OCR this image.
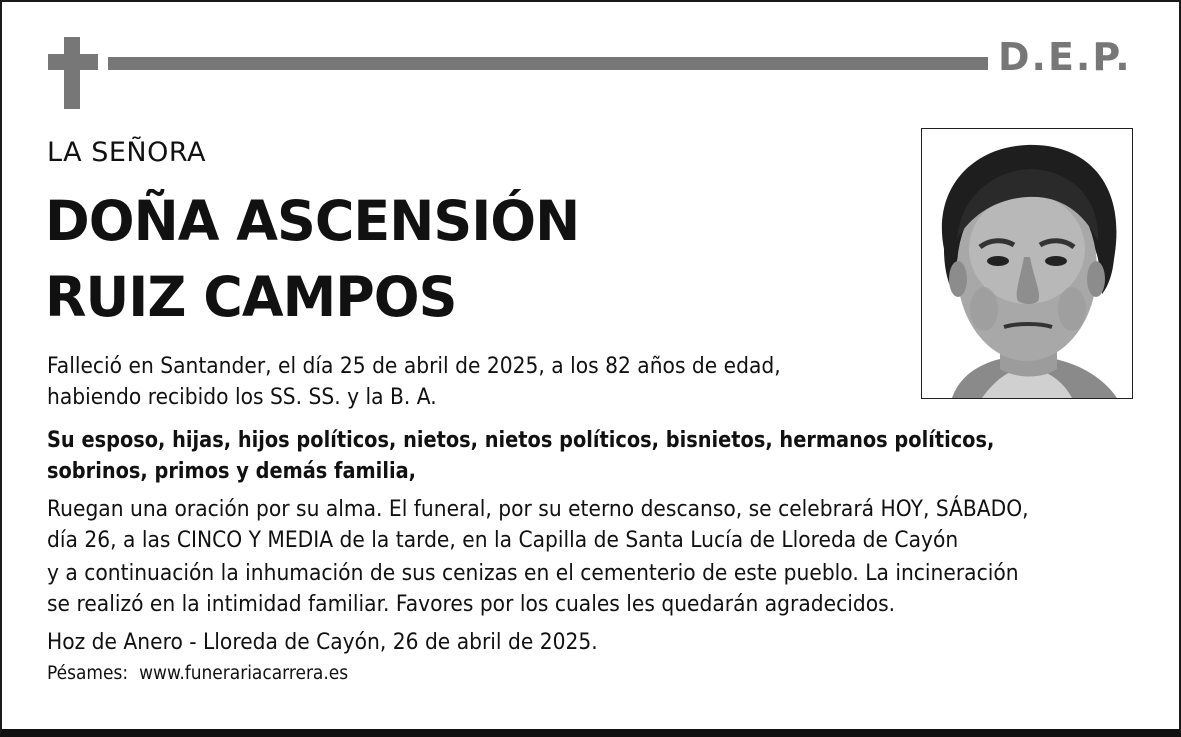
D.E.P.
LA SEÑORA
DOÑA ASCENSIÓN
RUIZ CAMPOS
Falleció en Santander, el día 25 de abril de 2025, a los 82 años de edad,
habiendo recibido los SS. SS. y la B. A.
Su esposo, hijas, hijos políticos, nietos, nietos políticos, bisnietos, hermanos políticos,
sobrinos, primos y demás familia,
Ruegan una oración por su alma. El funeral, por su eterno descanso, se celebrará HOY, SÁBADO,
día 26, a las CINCO Y MEDIA de la tarde, en la Capilla de Santa Lucía de Lloreda de Cayón
y a continuación la inhumación de sus cenizas en el cementerio de este pueblo. La incineración
se realizó en la intimidad familiar. Favores por los cuales les quedarán agradecidos.
Hoz de Anero - Lloreda de Cayón, 26 de abril de 2025.
Pésames: www.funerariacarrera.es
